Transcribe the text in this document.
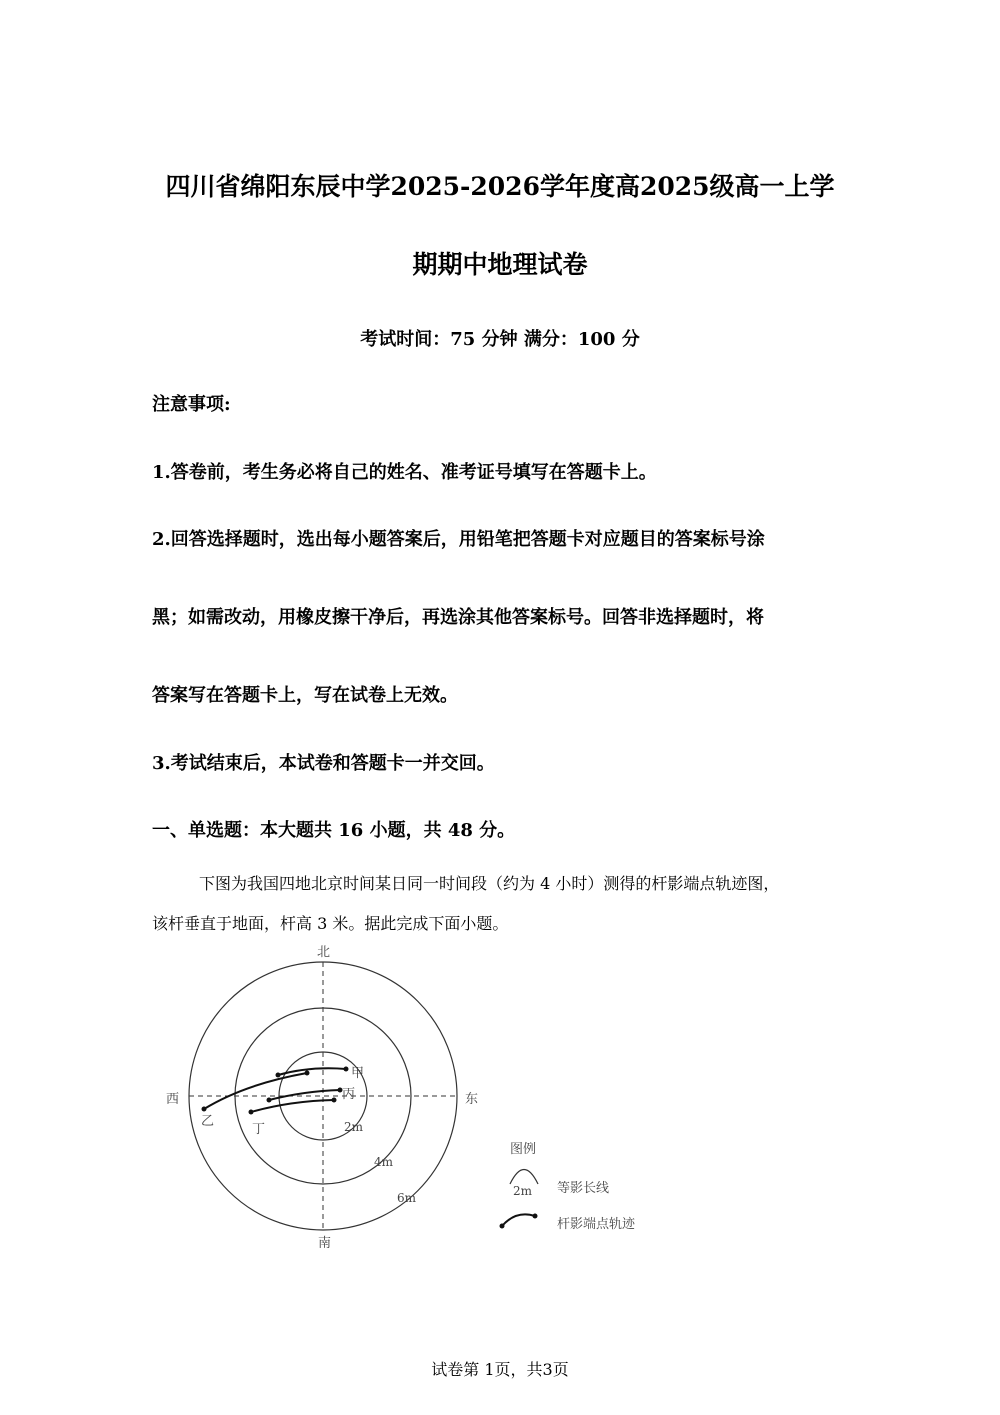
四川省绵阳东辰中学2025-2026学年度高2025级高一上学
期期中地理试卷
考试时间：75 分钟 满分：100 分
注意事项:
1.答卷前，考生务必将自己的姓名、准考证号填写在答题卡上。
2.回答选择题时，选出每小题答案后，用铅笔把答题卡对应题目的答案标号涂
黑；如需改动，用橡皮擦干净后，再选涂其他答案标号。回答非选择题时，将
答案写在答题卡上，写在试卷上无效。
3.考试结束后，本试卷和答题卡一并交回。
一、单选题：本大题共 16 小题，共 48 分。
下图为我国四地北京时间某日同一时间段（约为 4 小时）测得的杆影端点轨迹图，
该杆垂直于地面，杆高 3 米。据此完成下面小题。
北
南
西	东
2m
4m
6m
甲
乙
丙
丁
图例
2m 等影长线
杆影端点轨迹
试卷第 1页，共3页
